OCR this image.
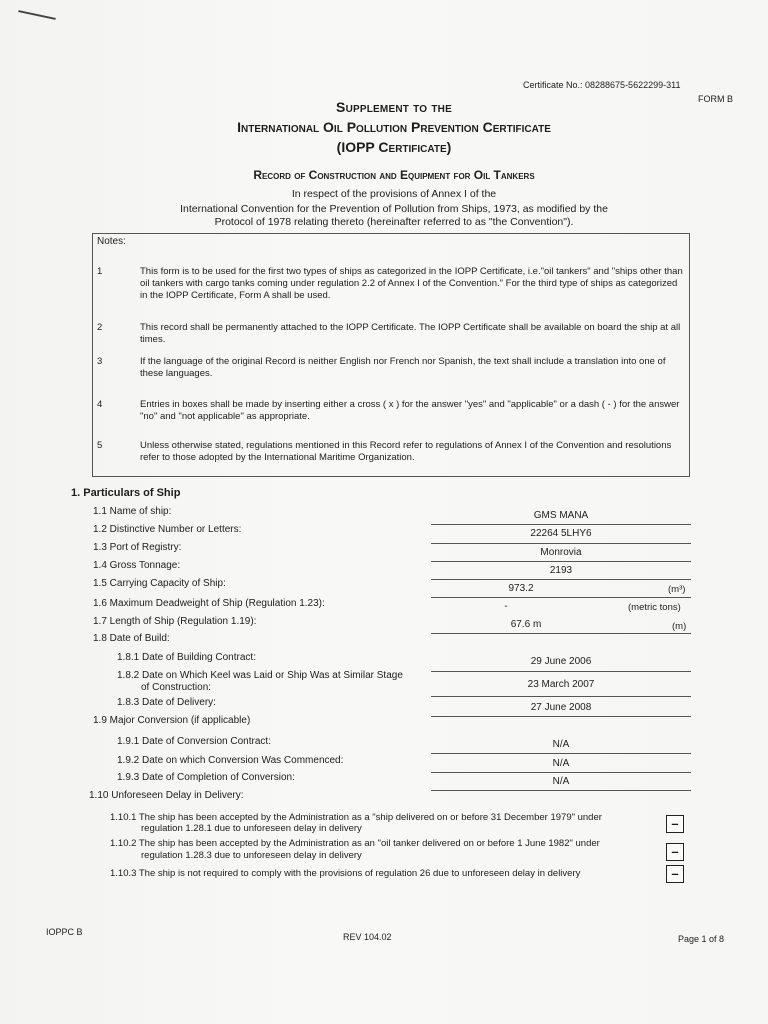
Certificate No.: 08288675-5622299-311
FORM B
Supplement to the
International Oil Pollution Prevention Certificate
(IOPP Certificate)
Record of Construction and Equipment for Oil Tankers
In respect of the provisions of Annex I of the
International Convention for the Prevention of Pollution from Ships, 1973, as modified by the
Protocol of 1978 relating thereto (hereinafter referred to as "the Convention").
Notes:
1	This form is to be used for the first two types of ships as categorized in the IOPP Certificate, i.e."oil tankers" and "ships other than oil tankers with cargo tanks coming under regulation 2.2 of Annex I of the Convention." For the third type of ships as categorized in the IOPP Certificate, Form A shall be used.
2	This record shall be permanently attached to the IOPP Certificate. The IOPP Certificate shall be available on board the ship at all times.
3	If the language of the original Record is neither English nor French nor Spanish, the text shall include a translation into one of these languages.
4	Entries in boxes shall be made by inserting either a cross ( x ) for the answer "yes" and "applicable" or a dash ( - ) for the answer "no" and "not applicable" as appropriate.
5	Unless otherwise stated, regulations mentioned in this Record refer to regulations of Annex I of the Convention and resolutions refer to those adopted by the International Maritime Organization.
1. Particulars of Ship
1.1 Name of ship:	GMS MANA
1.2 Distinctive Number or Letters:	22264 5LHY6
1.3 Port of Registry:	Monrovia
1.4 Gross Tonnage:	2193
1.5 Carrying Capacity of Ship:	973.2	(m³)
1.6 Maximum Deadweight of Ship (Regulation 1.23):	-	(metric tons)
1.7 Length of Ship (Regulation 1.19):	67.6 m	(m)
1.8 Date of Build:
1.8.1 Date of Building Contract:	29 June 2006
1.8.2 Date on Which Keel was Laid or Ship Was at Similar Stage
of Construction:	23 March 2007
1.8.3 Date of Delivery:	27 June 2008
1.9 Major Conversion (if applicable)
1.9.1 Date of Conversion Contract:	N/A
1.9.2 Date on which Conversion Was Commenced:	N/A
1.9.3 Date of Completion of Conversion:	N/A
1.10 Unforeseen Delay in Delivery:
1.10.1 The ship has been accepted by the Administration as a "ship delivered on or before 31 December 1979" under
regulation 1.28.1 due to unforeseen delay in delivery	–
1.10.2 The ship has been accepted by the Administration as an "oil tanker delivered on or before 1 June 1982" under
regulation 1.28.3 due to unforeseen delay in delivery	–
1.10.3 The ship is not required to comply with the provisions of regulation 26 due to unforeseen delay in delivery	–
IOPPC B	REV 104.02	Page 1 of 8
